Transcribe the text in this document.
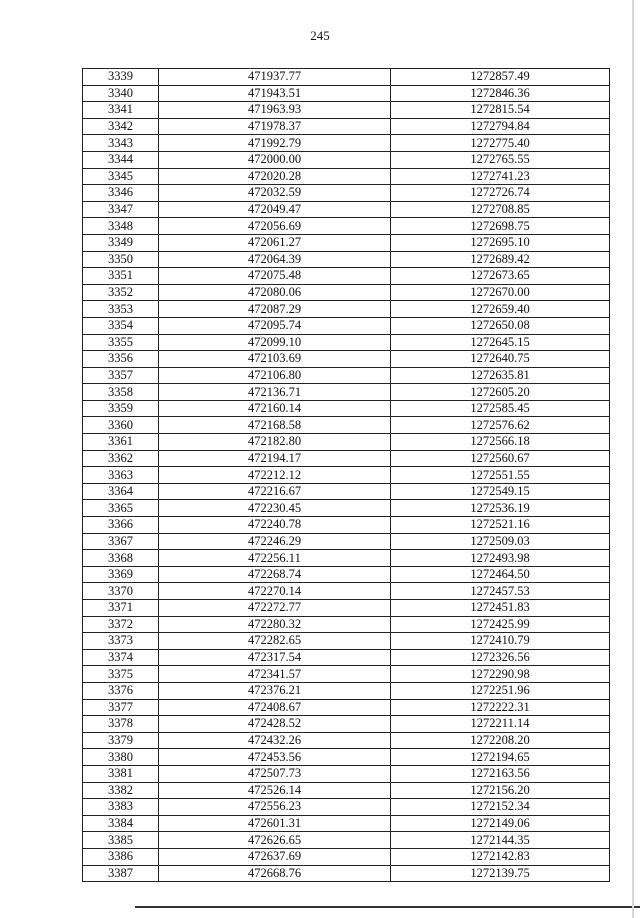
245
3339	471937.77	1272857.49
3340	471943.51	1272846.36
3341	471963.93	1272815.54
3342	471978.37	1272794.84
3343	471992.79	1272775.40
3344	472000.00	1272765.55
3345	472020.28	1272741.23
3346	472032.59	1272726.74
3347	472049.47	1272708.85
3348	472056.69	1272698.75
3349	472061.27	1272695.10
3350	472064.39	1272689.42
3351	472075.48	1272673.65
3352	472080.06	1272670.00
3353	472087.29	1272659.40
3354	472095.74	1272650.08
3355	472099.10	1272645.15
3356	472103.69	1272640.75
3357	472106.80	1272635.81
3358	472136.71	1272605.20
3359	472160.14	1272585.45
3360	472168.58	1272576.62
3361	472182.80	1272566.18
3362	472194.17	1272560.67
3363	472212.12	1272551.55
3364	472216.67	1272549.15
3365	472230.45	1272536.19
3366	472240.78	1272521.16
3367	472246.29	1272509.03
3368	472256.11	1272493.98
3369	472268.74	1272464.50
3370	472270.14	1272457.53
3371	472272.77	1272451.83
3372	472280.32	1272425.99
3373	472282.65	1272410.79
3374	472317.54	1272326.56
3375	472341.57	1272290.98
3376	472376.21	1272251.96
3377	472408.67	1272222.31
3378	472428.52	1272211.14
3379	472432.26	1272208.20
3380	472453.56	1272194.65
3381	472507.73	1272163.56
3382	472526.14	1272156.20
3383	472556.23	1272152.34
3384	472601.31	1272149.06
3385	472626.65	1272144.35
3386	472637.69	1272142.83
3387	472668.76	1272139.75
